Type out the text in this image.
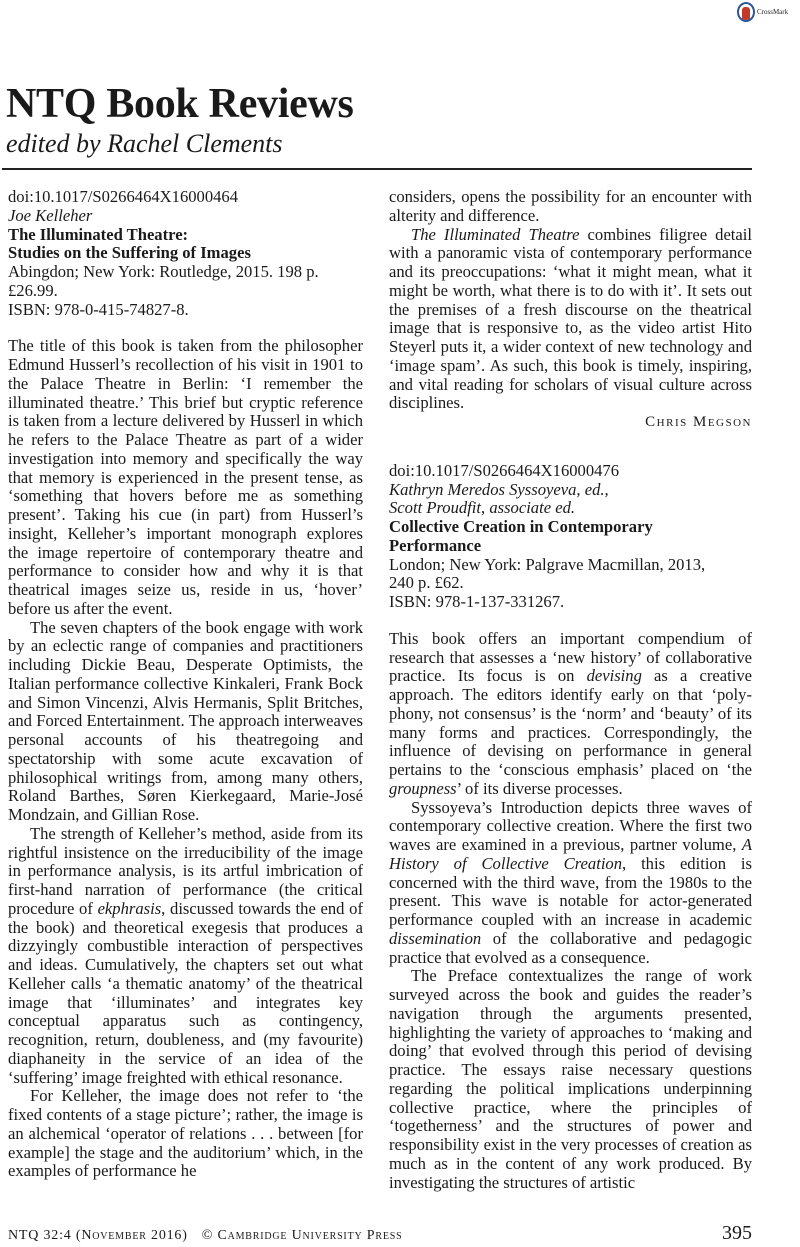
CrossMark
NTQ Book Reviews

edited by Rachel Clements

doi:10.1017/S0266464X16000464

Joe Kelleher

The Illuminated Theatre:

Studies on the Suffering of Images

Abingdon; New York: Routledge, 2015. 198 p.

£26.99.

ISBN: 978-0-415-74827-8.

The title of this book is taken from the philosopher Edmund Husserl’s recollection of his visit in 1901 to the Palace Theatre in Berlin: ‘I remember the illuminated theatre.’ This brief but cryptic reference is taken from a lecture delivered by Husserl in which he refers to the Palace Theatre as part of a wider investigation into memory and specifically the way that memory is experienced in the present tense, as ‘something that hovers before me as something present’. Taking his cue (in part) from Husserl’s insight, Kelleher’s important monograph explores the image repertoire of contemporary theatre and performance to consider how and why it is that theatrical images seize us, reside in us, ‘hover’ before us after the event.

The seven chapters of the book engage with work by an eclectic range of companies and practitioners including Dickie Beau, Desperate Optimists, the Italian performance collective Kinkaleri, Frank Bock and Simon Vincenzi, Alvis Hermanis, Split Britches, and Forced Entertainment. The approach interweaves personal accounts of his theatregoing and spectatorship with some acute excavation of philosophical writings from, among many others, Roland Barthes, Søren Kierkegaard, Marie-José Mondzain, and Gillian Rose.

The strength of Kelleher’s method, aside from its rightful insistence on the irreducibility of the image in performance analysis, is its artful imbrication of first-hand narration of performance (the critical procedure of ekphrasis, discussed towards the end of the book) and theoretical exegesis that produces a dizzyingly combustible interaction of perspectives and ideas. Cumulatively, the chapters set out what Kelleher calls ‘a thematic anatomy’ of the theatrical image that ‘illuminates’ and integrates key conceptual apparatus such as contingency, recognition, return, doubleness, and (my favourite) diaphaneity in the service of an idea of the ‘suffering’ image freighted with ethical resonance.

For Kelleher, the image does not refer to ‘the fixed contents of a stage picture’; rather, the image is an alchemical ‘operator of relations . . . between [for example] the stage and the auditorium’ which, in the examples of performance he

considers, opens the possibility for an encounter with alterity and difference.

The Illuminated Theatre combines filigree detail with a panoramic vista of contemporary performance and its preoccupations: ‘what it might mean, what it might be worth, what there is to do with it’. It sets out the premises of a fresh discourse on the theatrical image that is responsive to, as the video artist Hito Steyerl puts it, a wider context of new technology and ‘image spam’. As such, this book is timely, inspiring, and vital reading for scholars of visual culture across disciplines.

Chris Megson

doi:10.1017/S0266464X16000476

Kathryn Meredos Syssoyeva, ed.,

Scott Proudfit, associate ed.

Collective Creation in Contemporary

Performance

London; New York: Palgrave Macmillan, 2013,

240 p. £62.

ISBN: 978-1-137-331267.

This book offers an important compendium of research that assesses a ‘new history’ of collaborative practice. Its focus is on devising as a creative approach. The editors identify early on that ‘polyphony, not consensus’ is the ‘norm’ and ‘beauty’ of its many forms and practices. Correspondingly, the influence of devising on performance in general pertains to the ‘conscious emphasis’ placed on ‘the groupness’ of its diverse processes.

Syssoyeva’s Introduction depicts three waves of contemporary collective creation. Where the first two waves are examined in a previous, partner volume, A History of Collective Creation, this edition is concerned with the third wave, from the 1980s to the present. This wave is notable for actor-generated performance coupled with an increase in academic dissemination of the collaborative and pedagogic practice that evolved as a consequence.

The Preface contextualizes the range of work surveyed across the book and guides the reader’s navigation through the arguments presented, highlighting the variety of approaches to ‘making and doing’ that evolved through this period of devising practice. The essays raise necessary questions regarding the political implications underpinning collective practice, where the principles of ‘togetherness’ and the structures of power and responsibility exist in the very processes of creation as much as in the content of any work produced. By investigating the structures of artistic

NTQ 32:4 (November 2016) © Cambridge University Press	395
